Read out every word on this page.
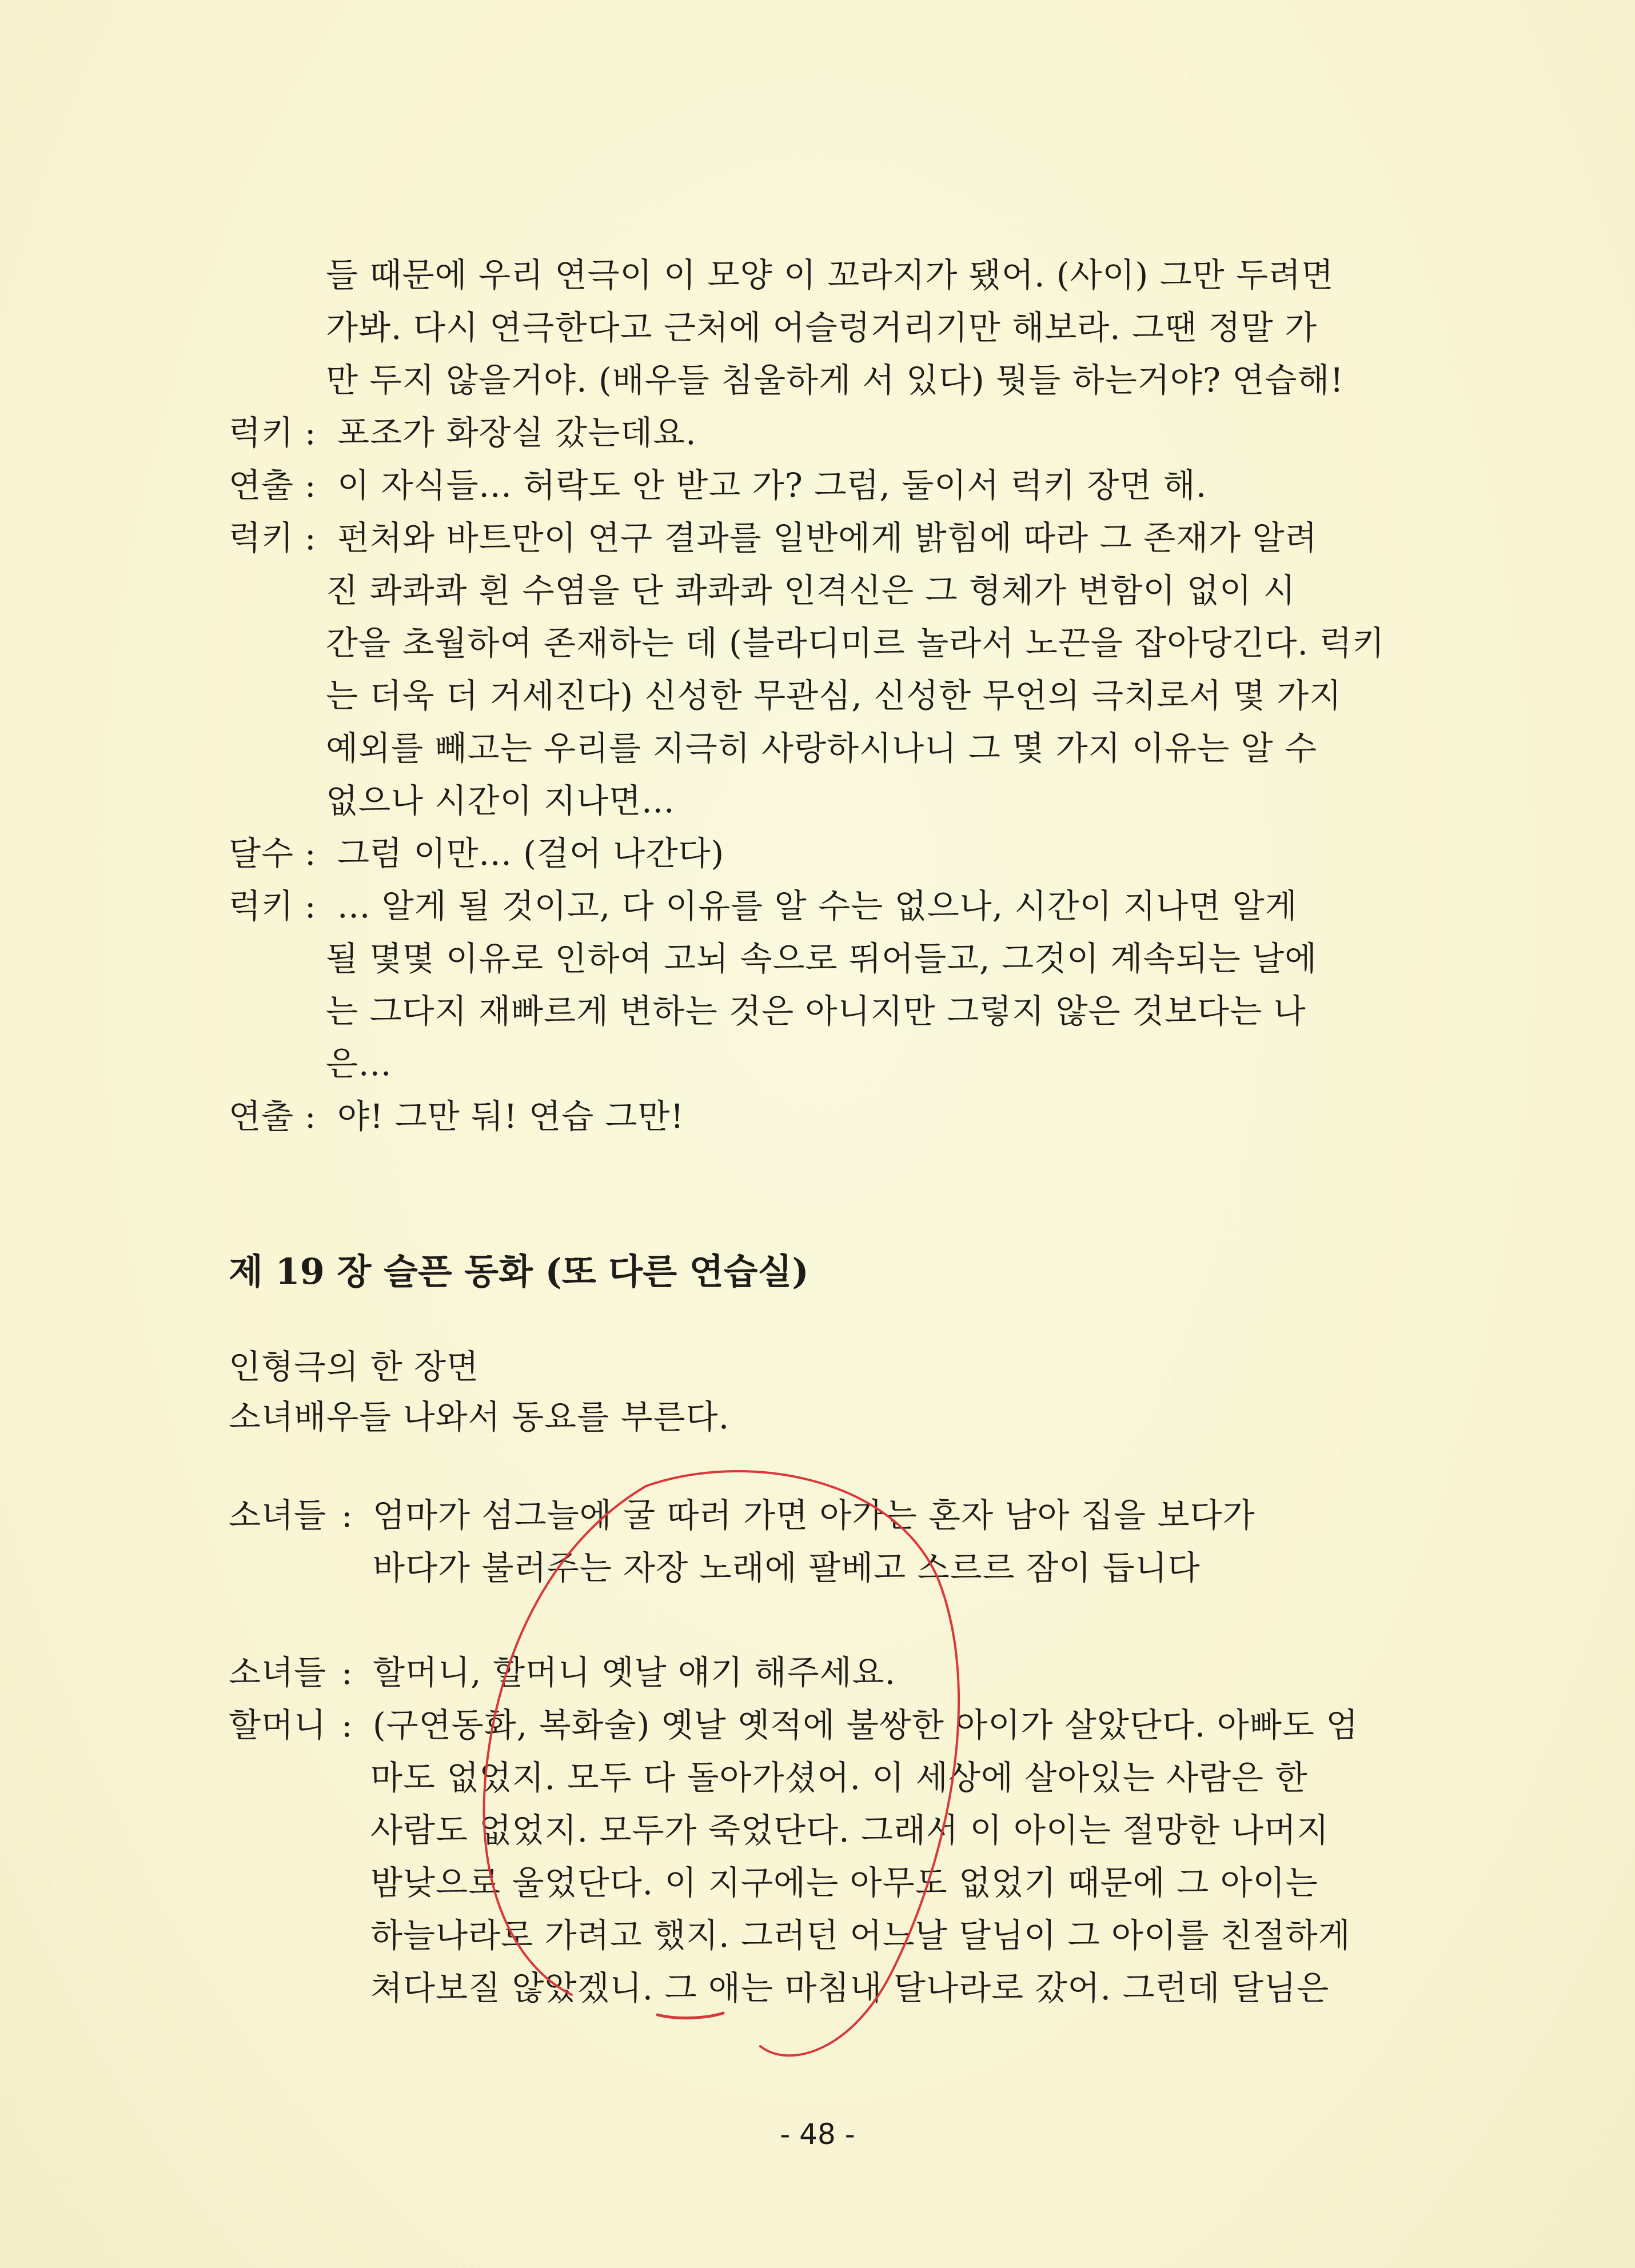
들 때문에 우리 연극이 이 모양 이 꼬라지가 됐어. (사이) 그만 두려면
가봐. 다시 연극한다고 근처에 어슬렁거리기만 해보라. 그땐 정말 가
만 두지 않을거야. (배우들 침울하게 서 있다) 뭣들 하는거야? 연습해!
럭키 : 포조가 화장실 갔는데요.
연출 : 이 자식들... 허락도 안 받고 가? 그럼, 둘이서 럭키 장면 해.
럭키 : 펀처와 바트만이 연구 결과를 일반에게 밝힘에 따라 그 존재가 알려
진 콰콰콰 흰 수염을 단 콰콰콰 인격신은 그 형체가 변함이 없이 시
간을 초월하여 존재하는 데 (블라디미르 놀라서 노끈을 잡아당긴다. 럭키
는 더욱 더 거세진다) 신성한 무관심, 신성한 무언의 극치로서 몇 가지
예외를 빼고는 우리를 지극히 사랑하시나니 그 몇 가지 이유는 알 수
없으나 시간이 지나면...
달수 : 그럼 이만... (걸어 나간다)
럭키 : ... 알게 될 것이고, 다 이유를 알 수는 없으나, 시간이 지나면 알게
될 몇몇 이유로 인하여 고뇌 속으로 뛰어들고, 그것이 계속되는 날에
는 그다지 재빠르게 변하는 것은 아니지만 그렇지 않은 것보다는 나
은...
연출 : 야! 그만 둬! 연습 그만!
제 19 장 슬픈 동화 (또 다른 연습실)
인형극의 한 장면
소녀배우들 나와서 동요를 부른다.
소녀들 : 엄마가 섬그늘에 굴 따러 가면 아가는 혼자 남아 집을 보다가
바다가 불러주는 자장 노래에 팔베고 스르르 잠이 듭니다
소녀들 : 할머니, 할머니 옛날 얘기 해주세요.
할머니 : (구연동화, 복화술) 옛날 옛적에 불쌍한 아이가 살았단다. 아빠도 엄
마도 없었지. 모두 다 돌아가셨어. 이 세상에 살아있는 사람은 한
사람도 없었지. 모두가 죽었단다. 그래서 이 아이는 절망한 나머지
밤낮으로 울었단다. 이 지구에는 아무도 없었기 때문에 그 아이는
하늘나라로 가려고 했지. 그러던 어느날 달님이 그 아이를 친절하게
쳐다보질 않았겠니. 그 애는 마침내 달나라로 갔어. 그런데 달님은
- 48 -
